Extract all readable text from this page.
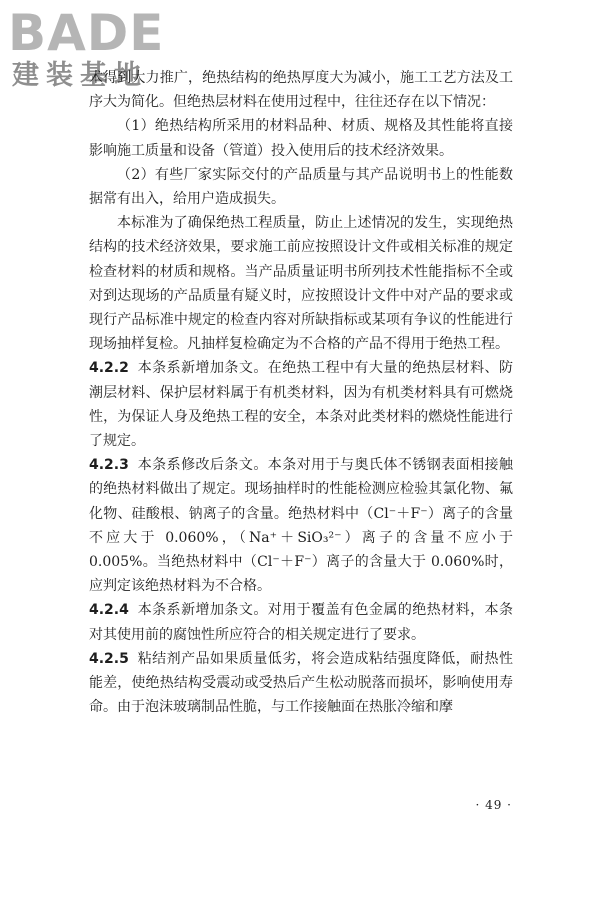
BADE
建装基地

术得到大力推广，绝热结构的绝热厚度大为减小，施工工艺方法及工序大为简化。但绝热层材料在使用过程中，往往还存在以下情况：

（1）绝热结构所采用的材料品种、材质、规格及其性能将直接影响施工质量和设备（管道）投入使用后的技术经济效果。

（2）有些厂家实际交付的产品质量与其产品说明书上的性能数据常有出入，给用户造成损失。

本标准为了确保绝热工程质量，防止上述情况的发生，实现绝热结构的技术经济效果，要求施工前应按照设计文件或相关标准的规定检查材料的材质和规格。当产品质量证明书所列技术性能指标不全或对到达现场的产品质量有疑义时，应按照设计文件中对产品的要求或现行产品标准中规定的检查内容对所缺指标或某项有争议的性能进行现场抽样复检。凡抽样复检确定为不合格的产品不得用于绝热工程。

4.2.2 本条系新增加条文。在绝热工程中有大量的绝热层材料、防潮层材料、保护层材料属于有机类材料，因为有机类材料具有可燃烧性，为保证人身及绝热工程的安全，本条对此类材料的燃烧性能进行了规定。

4.2.3 本条系修改后条文。本条对用于与奥氏体不锈钢表面相接触的绝热材料做出了规定。现场抽样时的性能检测应检验其氯化物、氟化物、硅酸根、钠离子的含量。绝热材料中（Cl⁻＋F⁻）离子的含量不应大于 0.060%，（Na⁺＋SiO₃²⁻）离子的含量不应小于 0.005%。当绝热材料中（Cl⁻＋F⁻）离子的含量大于 0.060%时，应判定该绝热材料为不合格。

4.2.4 本条系新增加条文。对用于覆盖有色金属的绝热材料，本条对其使用前的腐蚀性所应符合的相关规定进行了要求。

4.2.5 粘结剂产品如果质量低劣，将会造成粘结强度降低，耐热性能差，使绝热结构受震动或受热后产生松动脱落而损坏，影响使用寿命。由于泡沫玻璃制品性脆，与工作接触面在热胀冷缩和摩

· 49 ·
